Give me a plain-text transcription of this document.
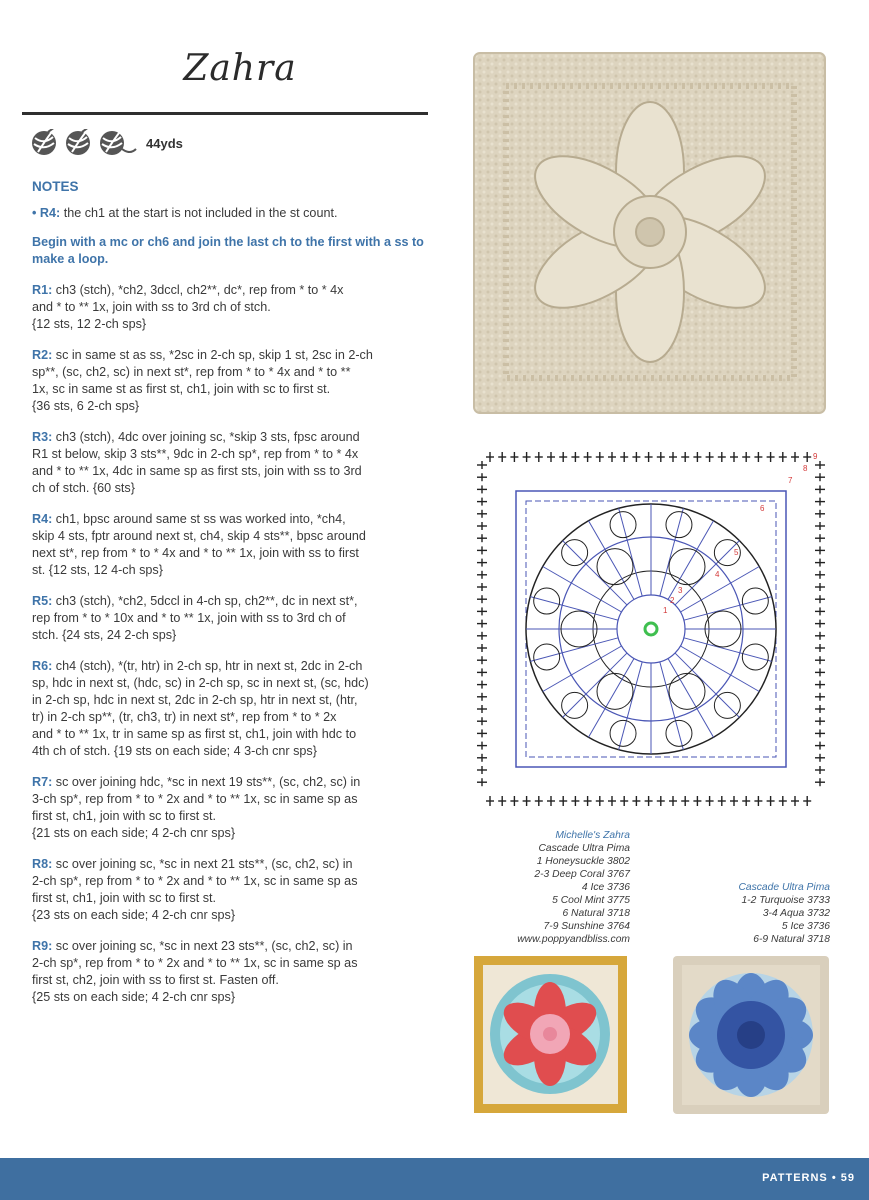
Zahra
44yds
NOTES
• R4: the ch1 at the start is not included in the st count.
Begin with a mc or ch6 and join the last ch to the first with a ss to make a loop.
R1: ch3 (stch), *ch2, 3dccl, ch2**, dc*, rep from * to * 4x
and * to ** 1x, join with ss to 3rd ch of stch.
{12 sts, 12 2-ch sps}
R2: sc in same st as ss, *2sc in 2-ch sp, skip 1 st, 2sc in 2-ch
sp**, (sc, ch2, sc) in next st*, rep from * to * 4x and * to **
1x, sc in same st as first st, ch1, join with sc to first st.
{36 sts, 6 2-ch sps}
R3: ch3 (stch), 4dc over joining sc, *skip 3 sts, fpsc around
R1 st below, skip 3 sts**, 9dc in 2-ch sp*, rep from * to * 4x
and * to ** 1x, 4dc in same sp as first sts, join with ss to 3rd
ch of stch. {60 sts}
R4: ch1, bpsc around same st ss was worked into, *ch4,
skip 4 sts, fptr around next st, ch4, skip 4 sts**, bpsc around
next st*, rep from * to * 4x and * to ** 1x, join with ss to first
st. {12 sts, 12 4-ch sps}
R5: ch3 (stch), *ch2, 5dccl in 4-ch sp, ch2**, dc in next st*,
rep from * to * 10x and * to ** 1x, join with ss to 3rd ch of
stch. {24 sts, 24 2-ch sps}
R6: ch4 (stch), *(tr, htr) in 2-ch sp, htr in next st, 2dc in 2-ch
sp, hdc in next st, (hdc, sc) in 2-ch sp, sc in next st, (sc, hdc)
in 2-ch sp, hdc in next st, 2dc in 2-ch sp, htr in next st, (htr,
tr) in 2-ch sp**, (tr, ch3, tr) in next st*, rep from * to * 2x
and * to ** 1x, tr in same sp as first st, ch1, join with hdc to
4th ch of stch. {19 sts on each side; 4 3-ch cnr sps}
R7: sc over joining hdc, *sc in next 19 sts**, (sc, ch2, sc) in
3-ch sp*, rep from * to * 2x and * to ** 1x, sc in same sp as
first st, ch1, join with sc to first st.
{21 sts on each side; 4 2-ch cnr sps}
R8: sc over joining sc, *sc in next 21 sts**, (sc, ch2, sc) in
2-ch sp*, rep from * to * 2x and * to ** 1x, sc in same sp as
first st, ch1, join with sc to first st.
{23 sts on each side; 4 2-ch cnr sps}
R9: sc over joining sc, *sc in next 23 sts**, (sc, ch2, sc) in
2-ch sp*, rep from * to * 2x and * to ** 1x, sc in same sp as
first st, ch2, join with ss to first st. Fasten off.
{25 sts on each side; 4 2-ch cnr sps}
1
2
3
4
5
6
7
8
9
Michelle's Zahra
Cascade Ultra Pima
1 Honeysuckle 3802
2-3 Deep Coral 3767
4 Ice 3736
5 Cool Mint 3775
6 Natural 3718
7-9 Sunshine 3764
www.poppyandbliss.com
Cascade Ultra Pima
1-2 Turquoise 3733
3-4 Aqua 3732
5 Ice 3736
6-9 Natural 3718
PATTERNS • 59
